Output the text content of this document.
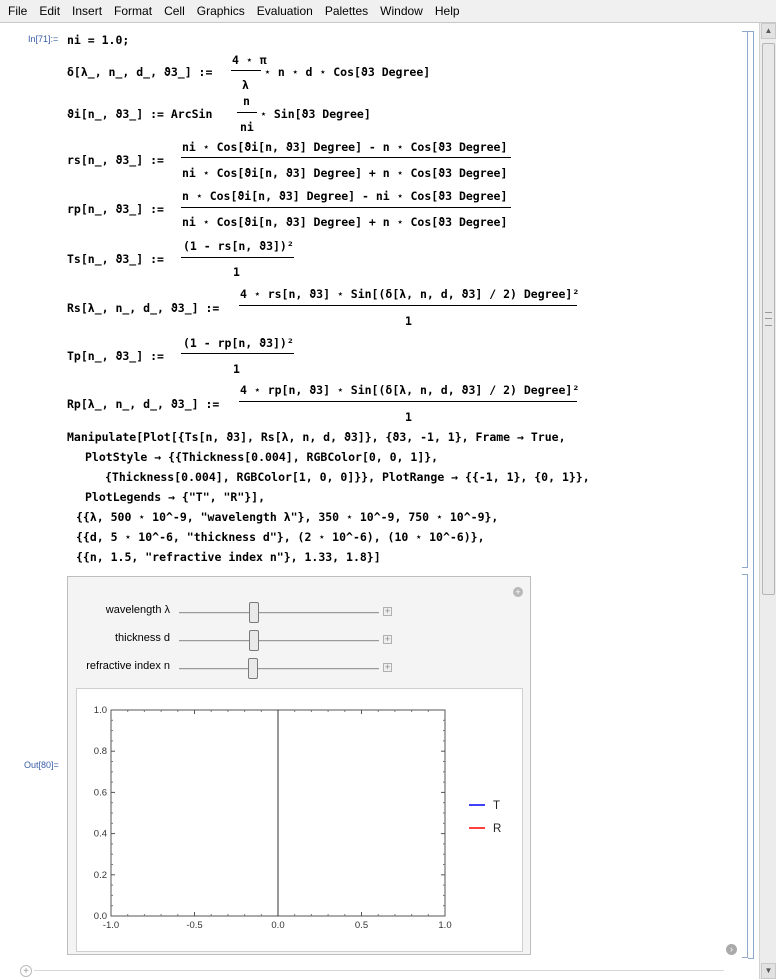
File	Edit	Insert	Format	Cell	Graphics	Evaluation	Palettes	Window	Help
▲
▼
In[71]:=
Out[80]=
ni = 1.0;
δ[λ_, n_, d_, ϑ3_] :=
4 ⋆ π
λ
⋆ n ⋆ d ⋆ Cos[ϑ3 Degree]
ϑi[n_, ϑ3_] := ArcSin
n
ni
⋆ Sin[ϑ3 Degree]
rs[n_, ϑ3_] :=
ni ⋆ Cos[ϑi[n, ϑ3] Degree] - n ⋆ Cos[ϑ3 Degree]
ni ⋆ Cos[ϑi[n, ϑ3] Degree] + n ⋆ Cos[ϑ3 Degree]
rp[n_, ϑ3_] :=
n ⋆ Cos[ϑi[n, ϑ3] Degree] - ni ⋆ Cos[ϑ3 Degree]
ni ⋆ Cos[ϑi[n, ϑ3] Degree] + n ⋆ Cos[ϑ3 Degree]
Ts[n_, ϑ3_] :=
(1 - rs[n, ϑ3])²
1
Rs[λ_, n_, d_, ϑ3_] :=
4 ⋆ rs[n, ϑ3] ⋆ Sin[(δ[λ, n, d, ϑ3] / 2) Degree]²
1
Tp[n_, ϑ3_] :=
(1 - rp[n, ϑ3])²
1
Rp[λ_, n_, d_, ϑ3_] :=
4 ⋆ rp[n, ϑ3] ⋆ Sin[(δ[λ, n, d, ϑ3] / 2) Degree]²
1
Manipulate[Plot[{Ts[n, ϑ3], Rs[λ, n, d, ϑ3]}, {ϑ3, -1, 1}, Frame → True,
PlotStyle → {{Thickness[0.004], RGBColor[0, 0, 1]},
{Thickness[0.004], RGBColor[1, 0, 0]}}, PlotRange → {{-1, 1}, {0, 1}},
PlotLegends → {"T", "R"}],
{{λ, 500 ⋆ 10^-9, "wavelength λ"}, 350 ⋆ 10^-9, 750 ⋆ 10^-9},
{{d, 5 ⋆ 10^-6, "thickness d"}, (2 ⋆ 10^-6), (10 ⋆ 10^-6)},
{{n, 1.5, "refractive index n"}, 1.33, 1.8}]
+
wavelength λ	+
thickness d	+
refractive index n	+
-1.0	-0.5	0.0	0.5	1.0
0.0
0.2
0.4
0.6
0.8
1.0
T
R
›
+
